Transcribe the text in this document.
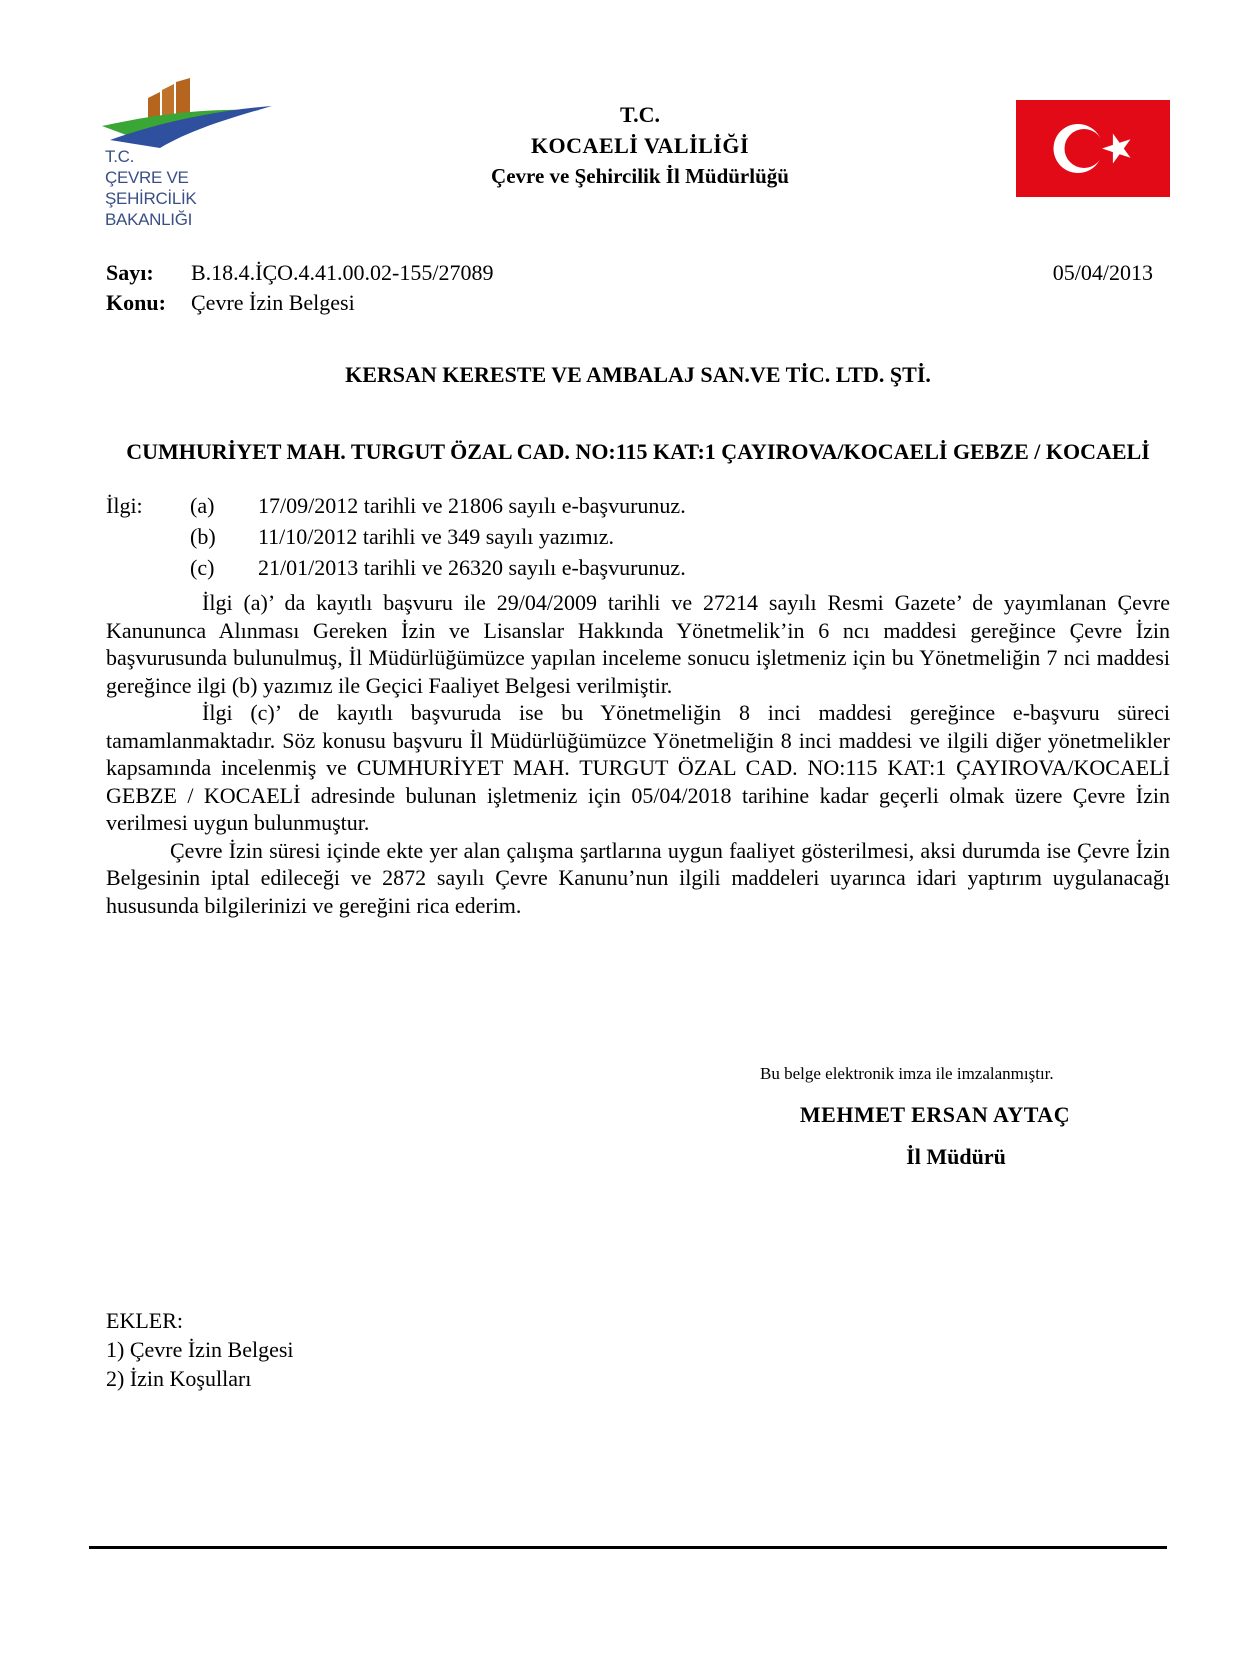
T.C.
ÇEVRE VE ŞEHİRCİLİK
BAKANLIĞI
T.C.
KOCAELİ VALİLİĞİ
Çevre ve Şehircilik İl Müdürlüğü
Sayı: B.18.4.İÇO.4.41.00.02-155/27089
Konu: Çevre İzin Belgesi
05/04/2013
KERSAN KERESTE VE AMBALAJ SAN.VE TİC. LTD. ŞTİ.
CUMHURİYET MAH. TURGUT ÖZAL CAD. NO:115 KAT:1 ÇAYIROVA/KOCAELİ GEBZE / KOCAELİ
İlgi:	(a)	17/09/2012 tarihli ve 21806 sayılı e-başvurunuz.
(b)	11/10/2012 tarihli ve 349 sayılı yazımız.
(c)	21/01/2013 tarihli ve 26320 sayılı e-başvurunuz.

İlgi (a)’ da kayıtlı başvuru ile 29/04/2009 tarihli ve 27214 sayılı Resmi Gazete’ de yayımlanan Çevre Kanununca Alınması Gereken İzin ve Lisanslar Hakkında Yönetmelik’in 6 ncı maddesi gereğince Çevre İzin başvurusunda bulunulmuş, İl Müdürlüğümüzce yapılan inceleme sonucu işletmeniz için bu Yönetmeliğin 7 nci maddesi gereğince ilgi (b) yazımız ile Geçici Faaliyet Belgesi verilmiştir.

İlgi (c)’ de kayıtlı başvuruda ise bu Yönetmeliğin 8 inci maddesi gereğince e-başvuru süreci tamamlanmaktadır. Söz konusu başvuru İl Müdürlüğümüzce Yönetmeliğin 8 inci maddesi ve ilgili diğer yönetmelikler kapsamında incelenmiş ve CUMHURİYET MAH. TURGUT ÖZAL CAD. NO:115 KAT:1 ÇAYIROVA/KOCAELİ GEBZE / KOCAELİ adresinde bulunan işletmeniz için 05/04/2018 tarihine kadar geçerli olmak üzere Çevre İzin verilmesi uygun bulunmuştur.

Çevre İzin süresi içinde ekte yer alan çalışma şartlarına uygun faaliyet gösterilmesi, aksi durumda ise Çevre İzin Belgesinin iptal edileceği ve 2872 sayılı Çevre Kanunu’nun ilgili maddeleri uyarınca idari yaptırım uygulanacağı hususunda bilgilerinizi ve gereğini rica ederim.

Bu belge elektronik imza ile imzalanmıştır.
MEHMET ERSAN AYTAÇ
İl Müdürü
EKLER:
1) Çevre İzin Belgesi
2) İzin Koşulları
